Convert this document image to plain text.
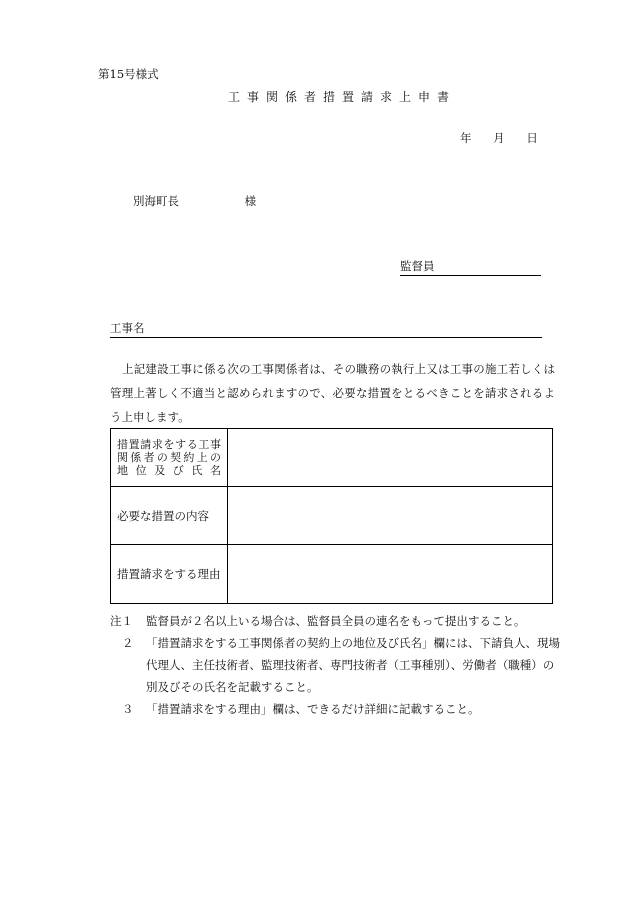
第15号様式
工事関係者措置請求上申書
年 月 日
別海町長	様
監督員
工事名
上記建設工事に係る次の工事関係者は、その職務の執行上又は工事の施工若しくは管理上著しく不適当と認められますので、必要な措置をとるべきことを請求されるよう上申します。
措置請求をする工事
関係者の契約上の
地位及び氏名	

必要な措置の内容	
措置請求をする理由	
注１ 監督員が２名以上いる場合は、監督員全員の連名をもって提出すること。
２ 「措置請求をする工事関係者の契約上の地位及び氏名」欄には、下請負人、現場代理人、主任技術者、監理技術者、専門技術者（工事種別）、労働者（職種）の別及びその氏名を記載すること。
３ 「措置請求をする理由」欄は、できるだけ詳細に記載すること。
